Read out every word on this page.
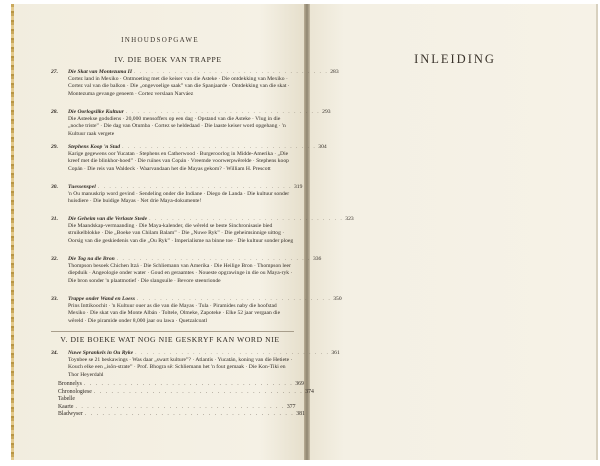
INHOUDSOPGAWE
IV. DIE BOEK VAN TRAPPE
27.	Die Skat van Montezuma II . . . . . . . . . . . . . . . . . . . . . . . . . . . . . . . . . . 283
Cortez land in Mexiko · Ontmoeting met die keiser van die Asteke · Die ontdekking van Mexiko · Cortez val van die balkon · Die „ongevoelige saak” van die Spanjaarde · Ontdekking van die skat · Montezuma gevange geneem · Cortez verslaan Narváez
28.	Die Oorlogslike Kultuur . . . . . . . . . . . . . . . . . . . . . . . . . . . . . . . . . . 293
Die Asteekse godsdiens · 20,000 mensoffers op een dag · Opstand van die Asteke · Vlug in die „noche triste” · Die dag van Otumba · Cortez se heldedaad · Die laaste keiser word opgehang · 'n Kultuur raak vergete
29.	Stephens Koop 'n Stad . . . . . . . . . . . . . . . . . . . . . . . . . . . . . . . . . . 304
Karige gegewens oor Yucatan · Stephens en Catherwood · Burgeroorlog in Midde-Amerika · „Die kreef met die blinkhor-hoed” · Die ruïnes van Copán · Vreemde voorwerpwêrelde · Stephens koop Copán · Die reis van Waldeck · Waarvandaan het die Mayas gekom? · William H. Prescott
30.	Tuessenspel . . . . . . . . . . . . . . . . . . . . . . . . . . . . . . . . . . 319
'n Ou manuskrip word gevind · Sendeling onder die Indiane · Diego de Landa · Die kultuur sonder huisdiere · Die buidige Mayas · Net drie Maya-dokumente!
31.	Die Geheim van die Verlaste Stede . . . . . . . . . . . . . . . . . . . . . . . . . . . . . . . . . . 323
Die Maandskap-vermaanding · Die Maya-kalender, die wêreld se beste Sinchronisasie bied struikelblokke · Die „Boeke van Chilam Balam” · Die „Nuwe Ryk” · Die geheimsinnige uittog · Oorsig van die geskiedenis van die „Ou Ryk” · Imperialisme na binne toe · Die kultuur sonder ploeg
32.	Die Tog na die Bron . . . . . . . . . . . . . . . . . . . . . . . . . . . . . . . . . . 336
Thompson besoek Chichen Itzá · Die Schliemann van Amerika · Die Heilige Bron · Thompson leer diepduik · Angeologie onder water · Goud en geraamtes · Noueste opgrawinge in die ou Maya-ryk · Die bron sonder 'n plaatmotief · Die slangsuile · Bevore steenrionde
33.	Trappe onder Wand en Loess . . . . . . . . . . . . . . . . . . . . . . . . . . . . . . . . . . 350
Prins Inttikoochit · 'n Kultuur ouer as die van die Mayas · Tula · Piramides naby die hoofstad Mexiko · Die skat van die Monte Albán · Toltele, Olmeke, Zapoteke · Elke 52 jaar vergaan die wêreld · Die piramide onder 8,000 jaar ou lawa · Quetzalcoatl
V. DIE BOEKE WAT NOG NIE GESKRYF KAN WORD NIE
34.	Nuwe Sprankels in Ou Ryke . . . . . . . . . . . . . . . . . . . . . . . . . . . . . . . . . . 361
Toynbee se 21 beskawings · Was daar „swart kulture”? · Atlantis · Yucatán, koning van die Hetiete · Kouch elke een „isôn-strate” · Prof. Bhogra sê: Schliemann het 'n fout gemaak · Die Kon-Tiki en Thor Heyerdahl
Bronnelys . . . . . . . . . . . . . . . . . . . . . . . . . . . . . . . . . . . . 369
Chronologiese Tabelle
. . . . . . . . . . . . . . . . . . . . . . . . . . . . . . . . . . . . 374
Kaarte . . . . . . . . . . . . . . . . . . . . . . . . . . . . . . . . . . . . 377
Bladwyser . . . . . . . . . . . . . . . . . . . . . . . . . . . . . . . . . . . . 381
INLEIDING
